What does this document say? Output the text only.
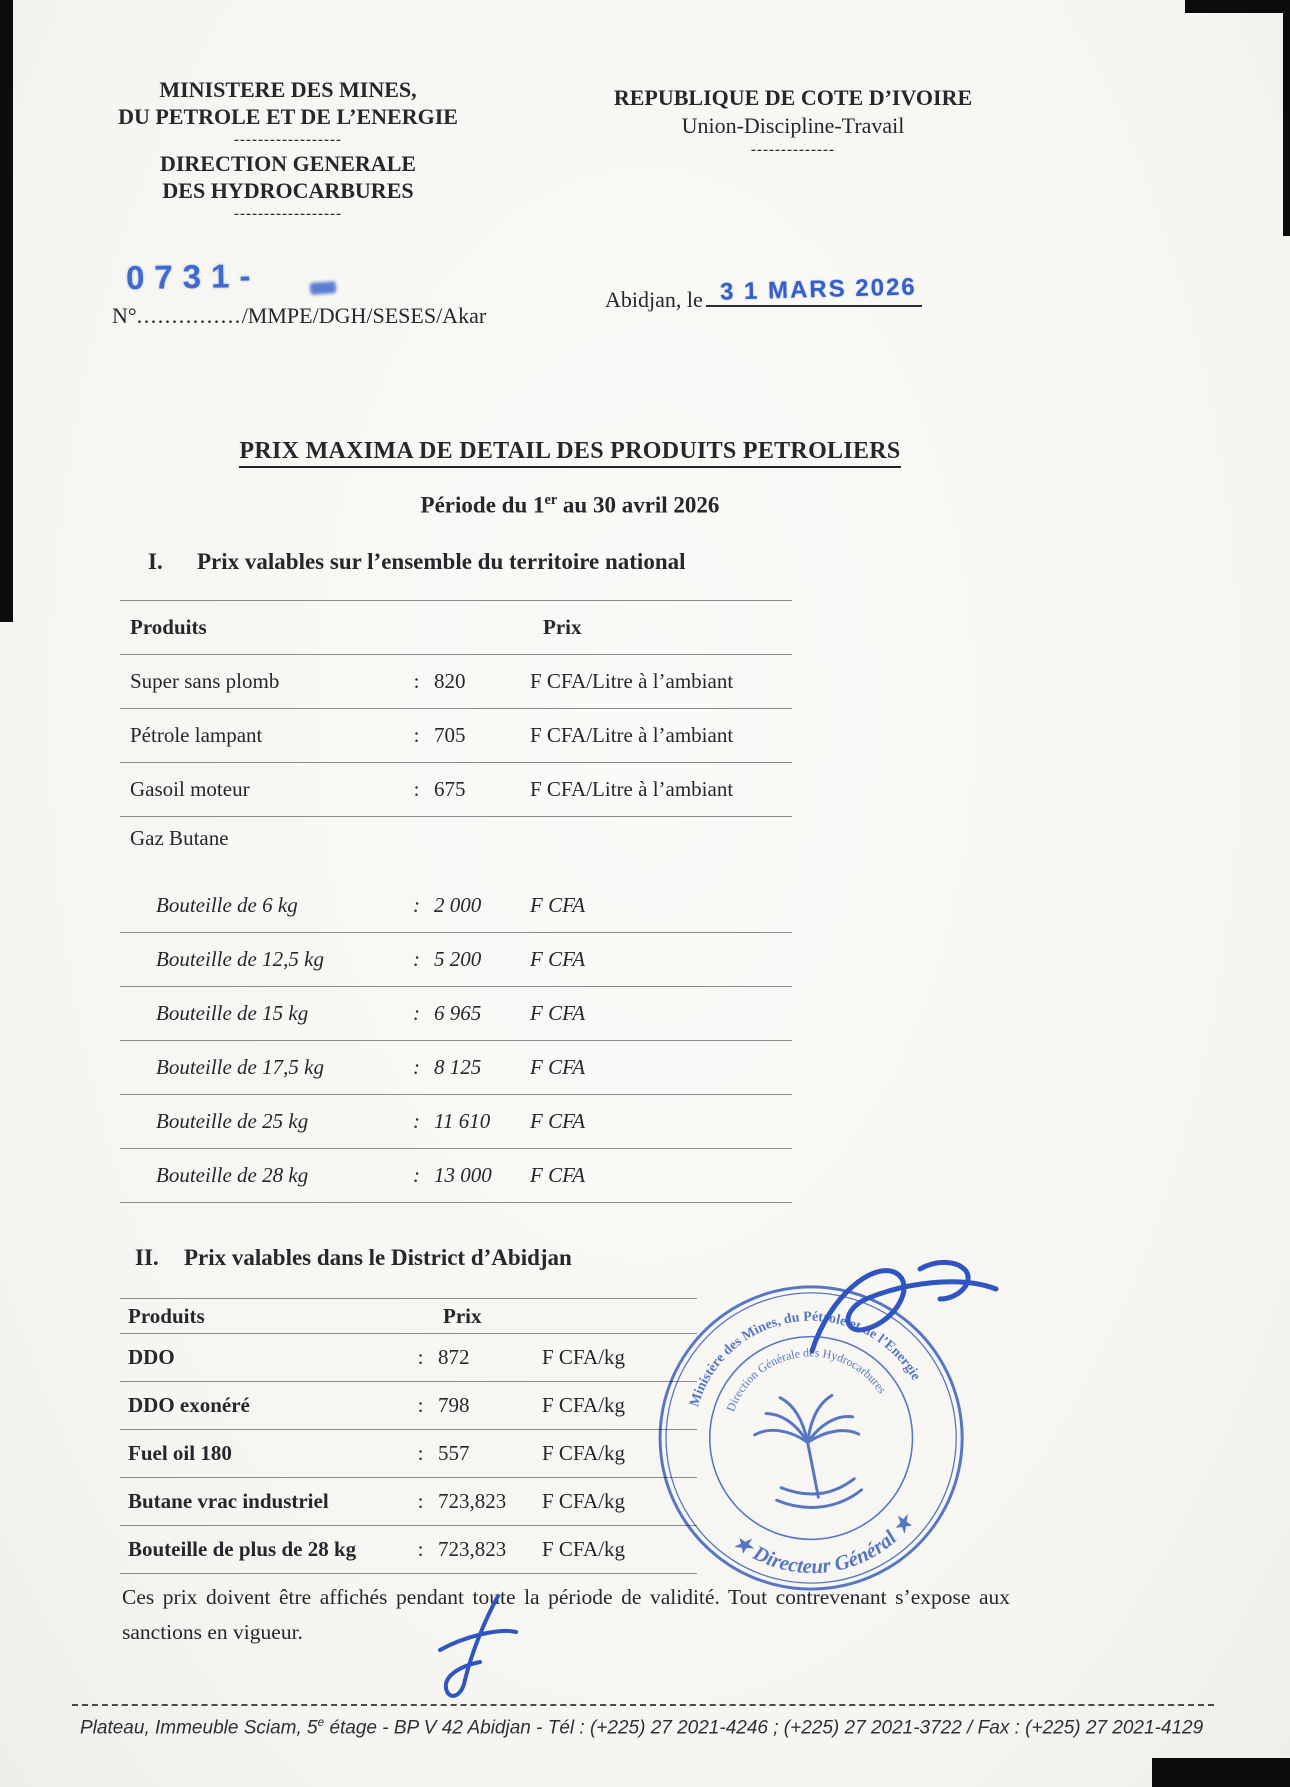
MINISTERE DES MINES,
DU PETROLE ET DE L’ENERGIE
------------------
DIRECTION GENERALE
DES HYDROCARBURES
------------------
REPUBLIQUE DE COTE D’IVOIRE
Union-Discipline-Travail
--------------
0731-
N°.............../MMPE/DGH/SESES/Akar
Abidjan, le 3 1 MARS 2026
PRIX MAXIMA DE DETAIL DES PRODUITS PETROLIERS
Période du 1er au 30 avril 2026
I.	Prix valables sur l’ensemble du territoire national
Produits	Prix
Super sans plomb	: 820	F CFA/Litre à l’ambiant
Pétrole lampant	: 705	F CFA/Litre à l’ambiant
Gasoil moteur	: 675	F CFA/Litre à l’ambiant
Gaz Butane
Bouteille de 6 kg	: 2 000	F CFA
Bouteille de 12,5 kg	: 5 200	F CFA
Bouteille de 15 kg	: 6 965	F CFA
Bouteille de 17,5 kg	: 8 125	F CFA
Bouteille de 25 kg	: 11 610	F CFA
Bouteille de 28 kg	: 13 000	F CFA
II.	Prix valables dans le District d’Abidjan
Produits	Prix
DDO	: 872	F CFA/kg
DDO exonéré	: 798	F CFA/kg
Fuel oil 180	: 557	F CFA/kg
Butane vrac industriel	: 723,823	F CFA/kg
Bouteille de plus de 28 kg	: 723,823	F CFA/kg
Ces prix doivent être affichés pendant toute la période de validité. Tout contrevenant s’expose aux sanctions en vigueur.
Ministère des Mines, du Pétrole et de l’Energie
Direction Générale des Hydrocarbures
★ Directeur Général ★
Plateau, Immeuble Sciam, 5e étage - BP V 42 Abidjan - Tél : (+225) 27 2021-4246 ; (+225) 27 2021-3722 / Fax : (+225) 27 2021-4129
